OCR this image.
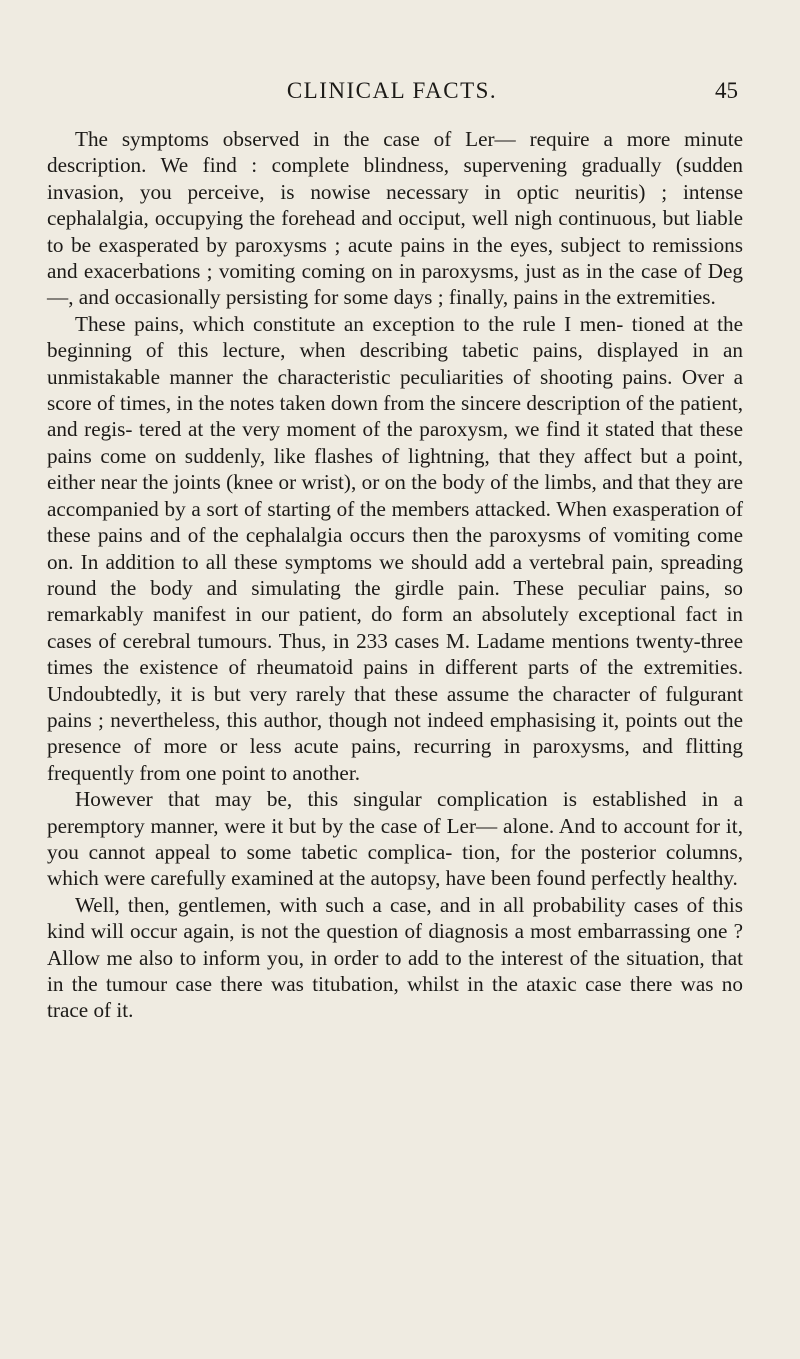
CLINICAL FACTS.	45

The symptoms observed in the case of Ler— require a more minute description. We find : complete blindness, supervening gradually (sudden invasion, you perceive, is nowise necessary in optic neuritis) ; intense cephalalgia, occupying the forehead and occiput, well nigh continuous, but liable to be exasperated by paroxysms ; acute pains in the eyes, subject to remissions and exacerbations ; vomiting coming on in paroxysms, just as in the case of Deg—, and occasionally persisting for some days ; finally, pains in the extremities.

These pains, which constitute an exception to the rule I men- tioned at the beginning of this lecture, when describing tabetic pains, displayed in an unmistakable manner the characteristic peculiarities of shooting pains. Over a score of times, in the notes taken down from the sincere description of the patient, and regis- tered at the very moment of the paroxysm, we find it stated that these pains come on suddenly, like flashes of lightning, that they affect but a point, either near the joints (knee or wrist), or on the body of the limbs, and that they are accompanied by a sort of starting of the members attacked. When exasperation of these pains and of the cephalalgia occurs then the paroxysms of vomiting come on. In addition to all these symptoms we should add a vertebral pain, spreading round the body and simulating the girdle pain. These peculiar pains, so remarkably manifest in our patient, do form an absolutely exceptional fact in cases of cerebral tumours. Thus, in 233 cases M. Ladame mentions twenty-three times the existence of rheumatoid pains in different parts of the extremities. Undoubtedly, it is but very rarely that these assume the character of fulgurant pains ; nevertheless, this author, though not indeed emphasising it, points out the presence of more or less acute pains, recurring in paroxysms, and flitting frequently from one point to another.

However that may be, this singular complication is established in a peremptory manner, were it but by the case of Ler— alone. And to account for it, you cannot appeal to some tabetic complica- tion, for the posterior columns, which were carefully examined at the autopsy, have been found perfectly healthy.

Well, then, gentlemen, with such a case, and in all probability cases of this kind will occur again, is not the question of diagnosis a most embarrassing one ? Allow me also to inform you, in order to add to the interest of the situation, that in the tumour case there was titubation, whilst in the ataxic case there was no trace of it.
